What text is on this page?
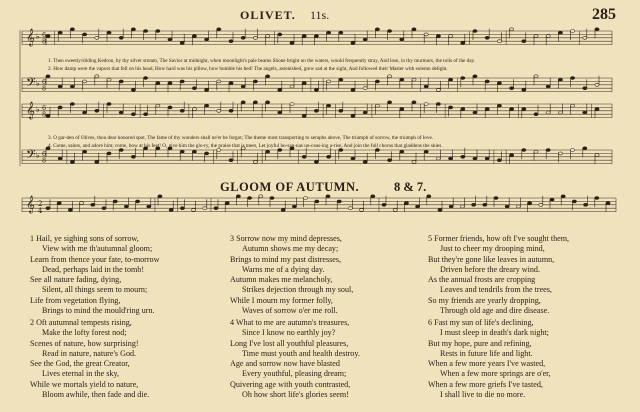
OLIVET. 11s.	285
𝄞 ♭ 6
8
𝄢 ♭ 6
8
𝄞 ♭ 6
8
𝄢 ♭ 6
8
𝄞 2
4
1. Then sweetly/sliding Kedron, by thy silver stream, The Savior at midnight, when moonlight's pale beams Shone bright on the waters, would frequently stray, And lose, in thy murmurs, the toils of the day.
2. How damp were the vapors that fell on his head, How hard was his pillow, how humble his bed! The angels, astonished, grew sad at the sight, And followed their Master with solemn delight.
3. O gar-den of Olives, thou dear honored spot, The fame of thy wonders shall ne'er be forgot; The theme most transporting to seraphs above, The triumph of sorrow, the triumph of love.
4. Come, saints, and adore him; come, bow at his feet! O, give him the glo-ry, the praise that is meet, Let joyful ho-san-nas un-ceas-ing a-rise, And join the full chorus that gladdens the skies.
GLOOM OF AUTUMN.	8 & 7.
1 Hail, ye sighing sons of sorrow,
View with me th'autumnal gloom;
Learn from thence your fate, to-morrow
Dead, perhaps laid in the tomb!
See all nature fading, dying,
Silent, all things seem to mourn;
Life from vegetation flying,
Brings to mind the mould'ring urn.
2 Oft autumnal tempests rising,
Make the lofty forest nod;
Scenes of nature, how surprising!
Read in nature, nature's God.
See the God, the great Creator,
Lives eternal in the sky,
While we mortals yield to nature,
Bloom awhile, then fade and die.
3 Sorrow now my mind depresses,
Autumn shows me my decay;
Brings to mind my past distresses,
Warns me of a dying day.
Autumn makes me melancholy,
Strikes dejection through my soul,
While I mourn my former folly,
Waves of sorrow o'er me roll.
4 What to me are autumn's treasures,
Since I know no earthly joy?
Long I've lost all youthful pleasures,
Time must youth and health destroy.
Age and sorrow now have blasted
Every youthful, pleasing dream;
Quivering age with youth contrasted,
Oh how short life's glories seem!
5 Former friends, how oft I've sought them,
Just to cheer my drooping mind,
But they're gone like leaves in autumn,
Driven before the dreary wind.
As the annual frosts are cropping
Leaves and tendrils from the trees,
So my friends are yearly dropping,
Through old age and dire disease.
6 Fast my sun of life's declining,
I must sleep in death's dark night;
But my hope, pure and refining,
Rests in future life and light.
When a few more years I've wasted,
When a few more springs are o'er,
When a few more griefs I've tasted,
I shall live to die no more.
